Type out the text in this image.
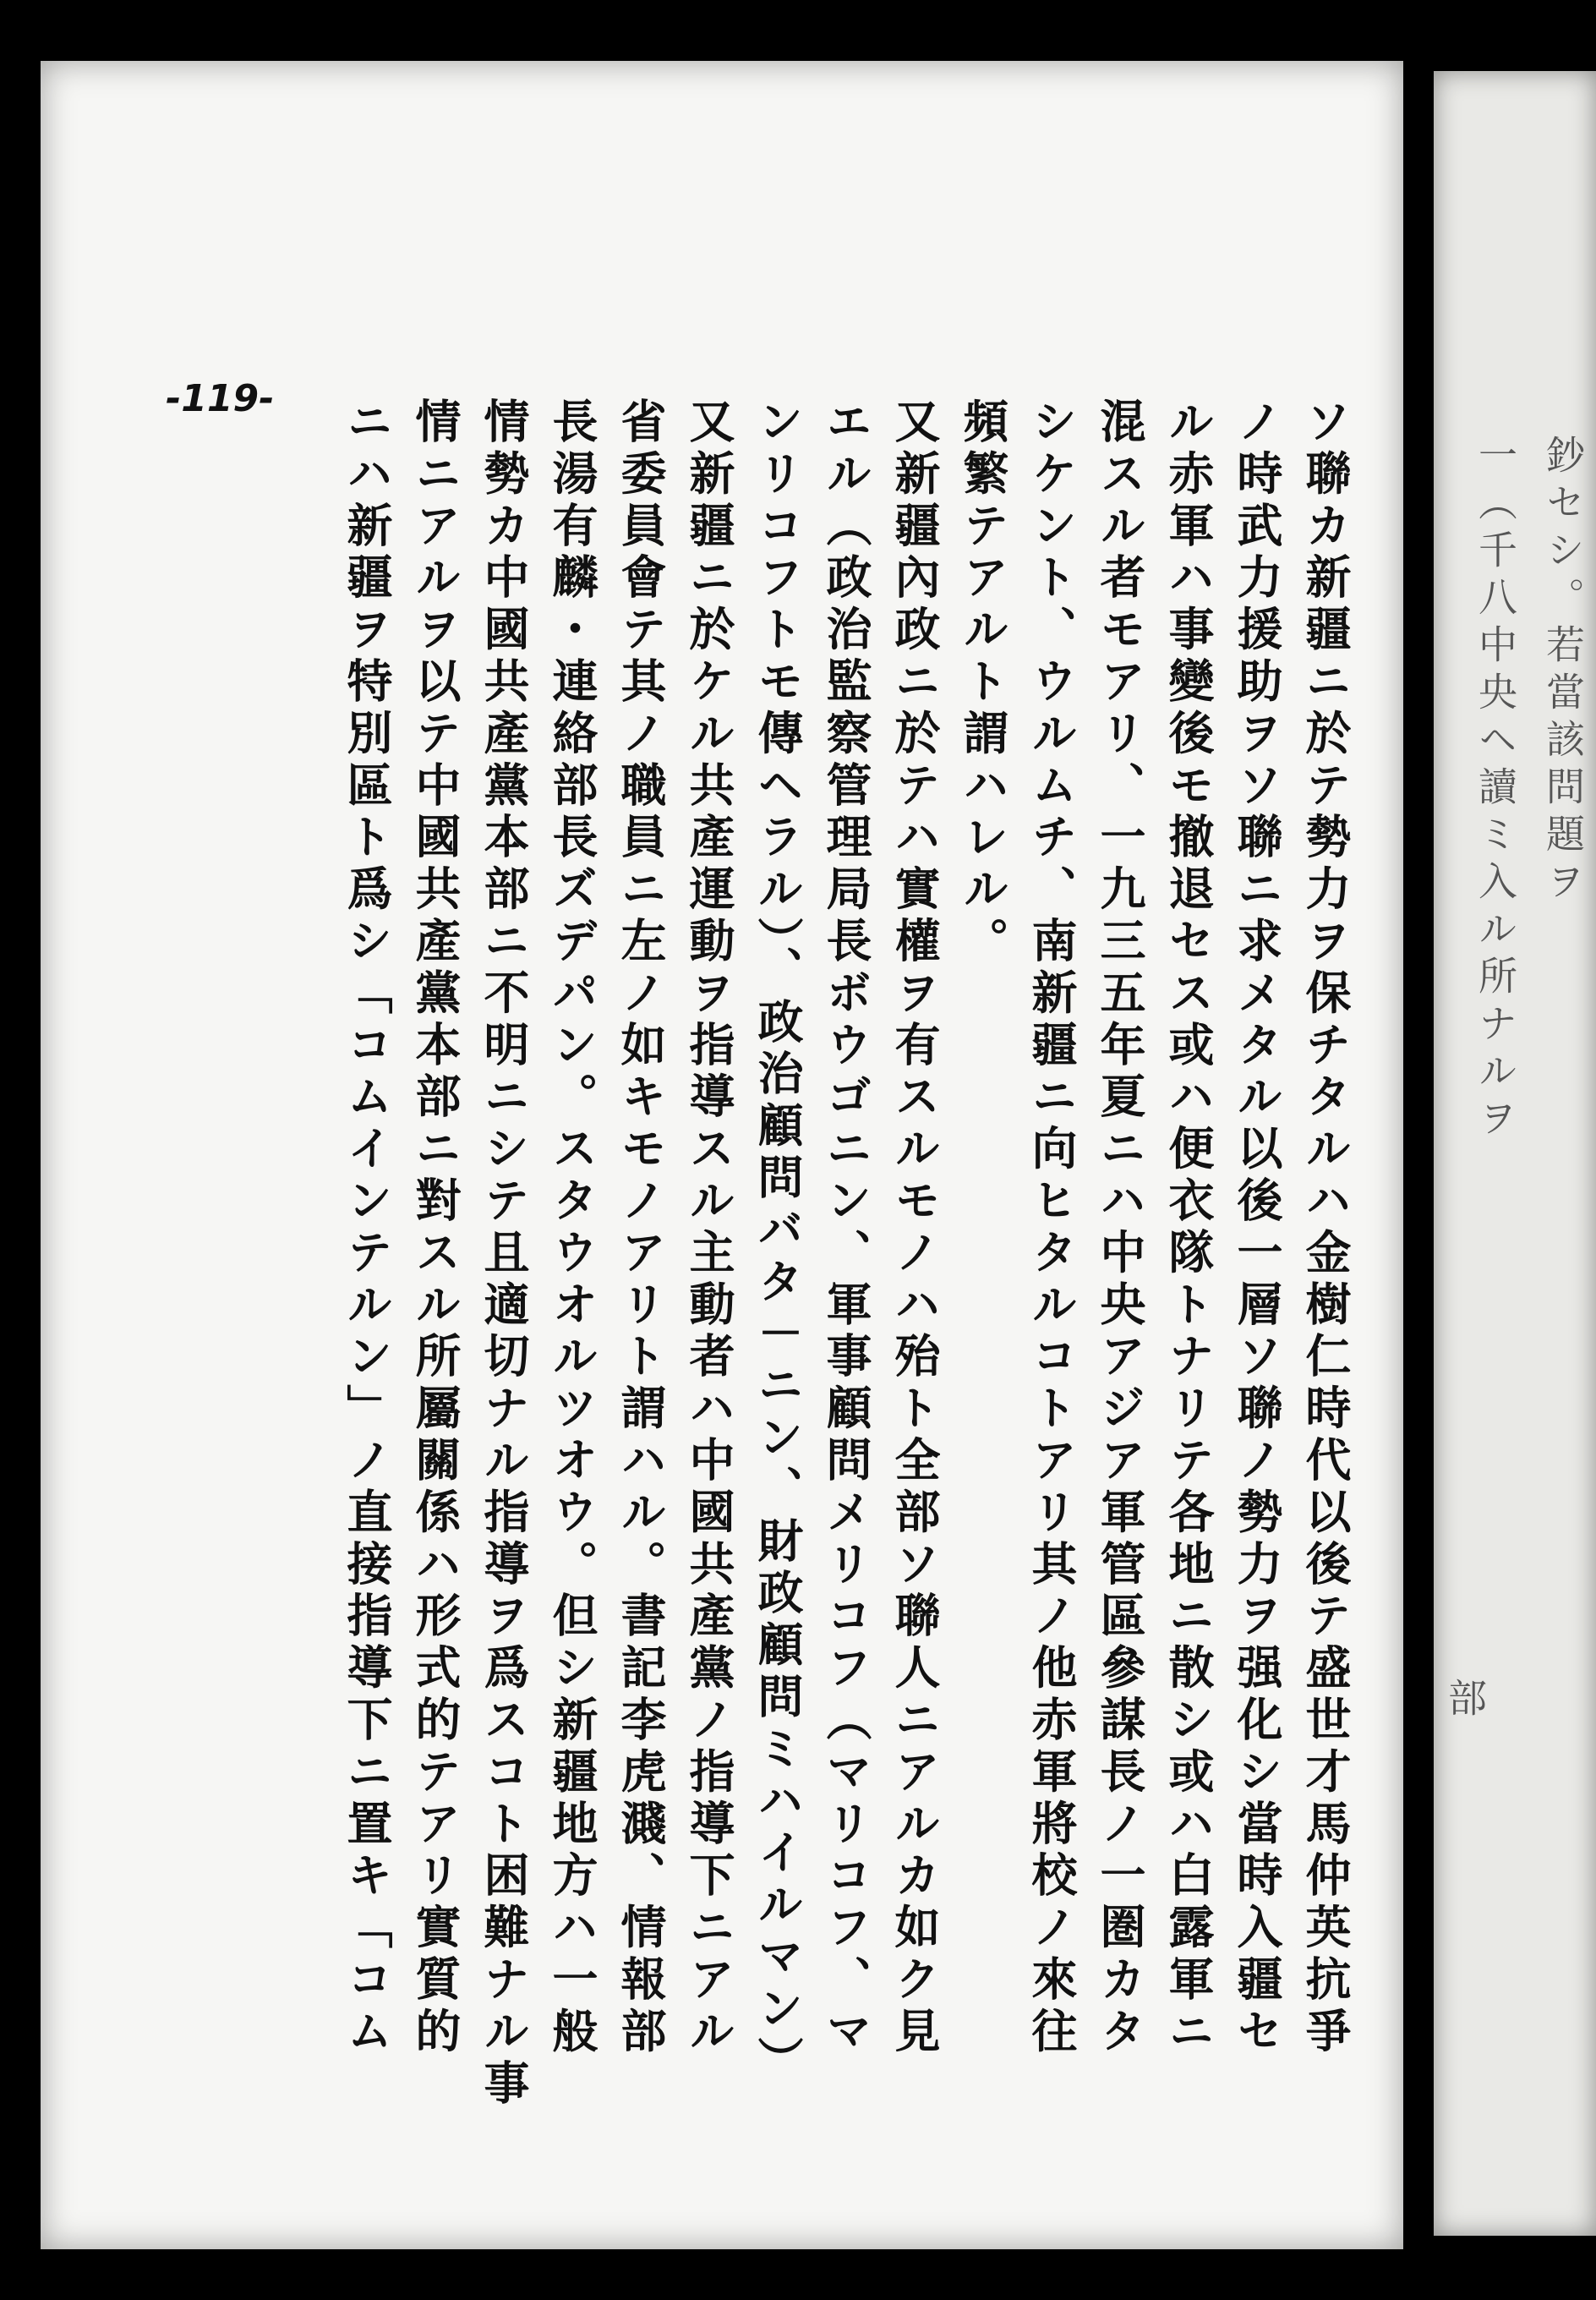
鈔セシ。若當該問題ヲ
一（千八中央ヘ讀ミ入ル所ナルヲ
部
-119-	ソ聯カ新疆ニ於テ勢力ヲ保チタルハ金樹仁時代以後テ盛世才馬仲英抗爭
ノ時武力援助ヲソ聯ニ求メタル以後一層ソ聯ノ勢力ヲ强化シ當時入疆セ
ル赤軍ハ事變後モ撤退セス或ハ便衣隊トナリテ各地ニ散シ或ハ白露軍ニ
混スル者モアリ、一九三五年夏ニハ中央アジア軍管區參謀長ノ一圏カタ
シケント、ウルムチ、南新疆ニ向ヒタルコトアリ其ノ他赤軍將校ノ來往
頻繁テアルト謂ハレル。
又新疆內政ニ於テハ實權ヲ有スルモノハ殆ト全部ソ聯人ニアルカ如ク見
エル（政治監察管理局長ボウゴニン、軍事顧問メリコフ（マリコフ、マ
ンリコフトモ傳ヘラル）、政治顧問バタ－ニン、財政顧問ミハイルマン）
又新疆ニ於ケル共產運動ヲ指導スル主動者ハ中國共產黨ノ指導下ニアル
省委員會テ其ノ職員ニ左ノ如キモノアリト謂ハル。書記李虎濺、情報部
長湯有麟・連絡部長ズデパン。スタウオルツオウ。但シ新疆地方ハ一般
情勢カ中國共產黨本部ニ不明ニシテ且適切ナル指導ヲ爲スコト困難ナル事
情ニアルヲ以テ中國共產黨本部ニ對スル所屬關係ハ形式的テアリ實質的
ニハ新疆ヲ特別區ト爲シ「コムインテルン」ノ直接指導下ニ置キ「コム
